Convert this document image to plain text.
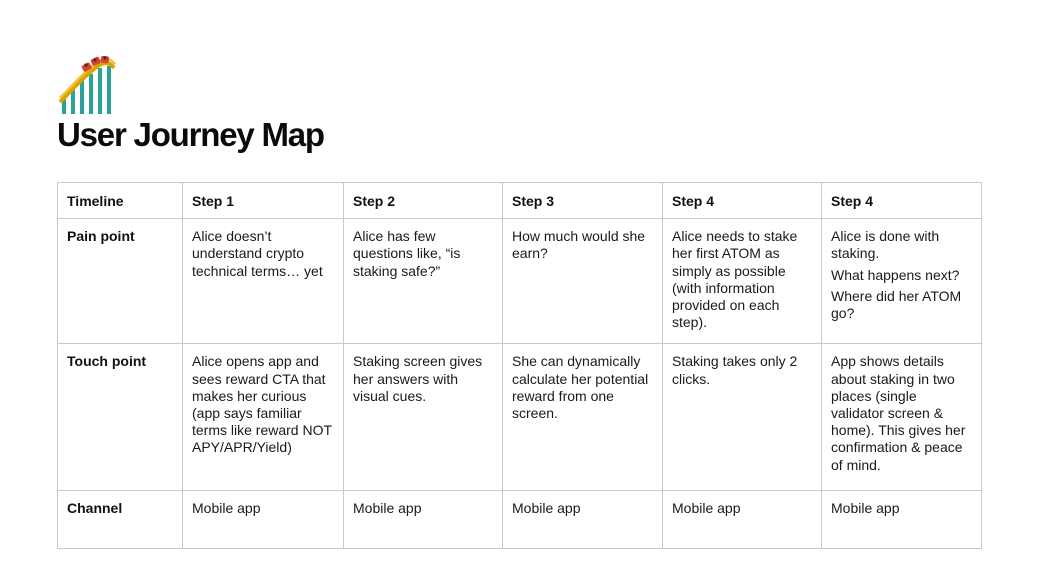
User Journey Map
Timeline	Step 1	Step 2	Step 3	Step 4	Step 4
Pain point	Alice doesn’t understand crypto technical terms… yet	Alice has few questions like, “is staking safe?”	How much would she earn?	Alice needs to stake her first ATOM as simply as possible (with information provided on each step).	Alice is done with staking.

What happens next?

Where did her ATOM go?

Touch point	Alice opens app and sees reward CTA that makes her curious (app says familiar terms like reward NOT APY/APR/Yield)	Staking screen gives her answers with visual cues.	She can dynamically calculate her potential reward from one screen.	Staking takes only 2 clicks.	App shows details about staking in two places (single validator screen & home). This gives her confirmation & peace of mind.

Channel	Mobile app	Mobile app	Mobile app	Mobile app	Mobile app
